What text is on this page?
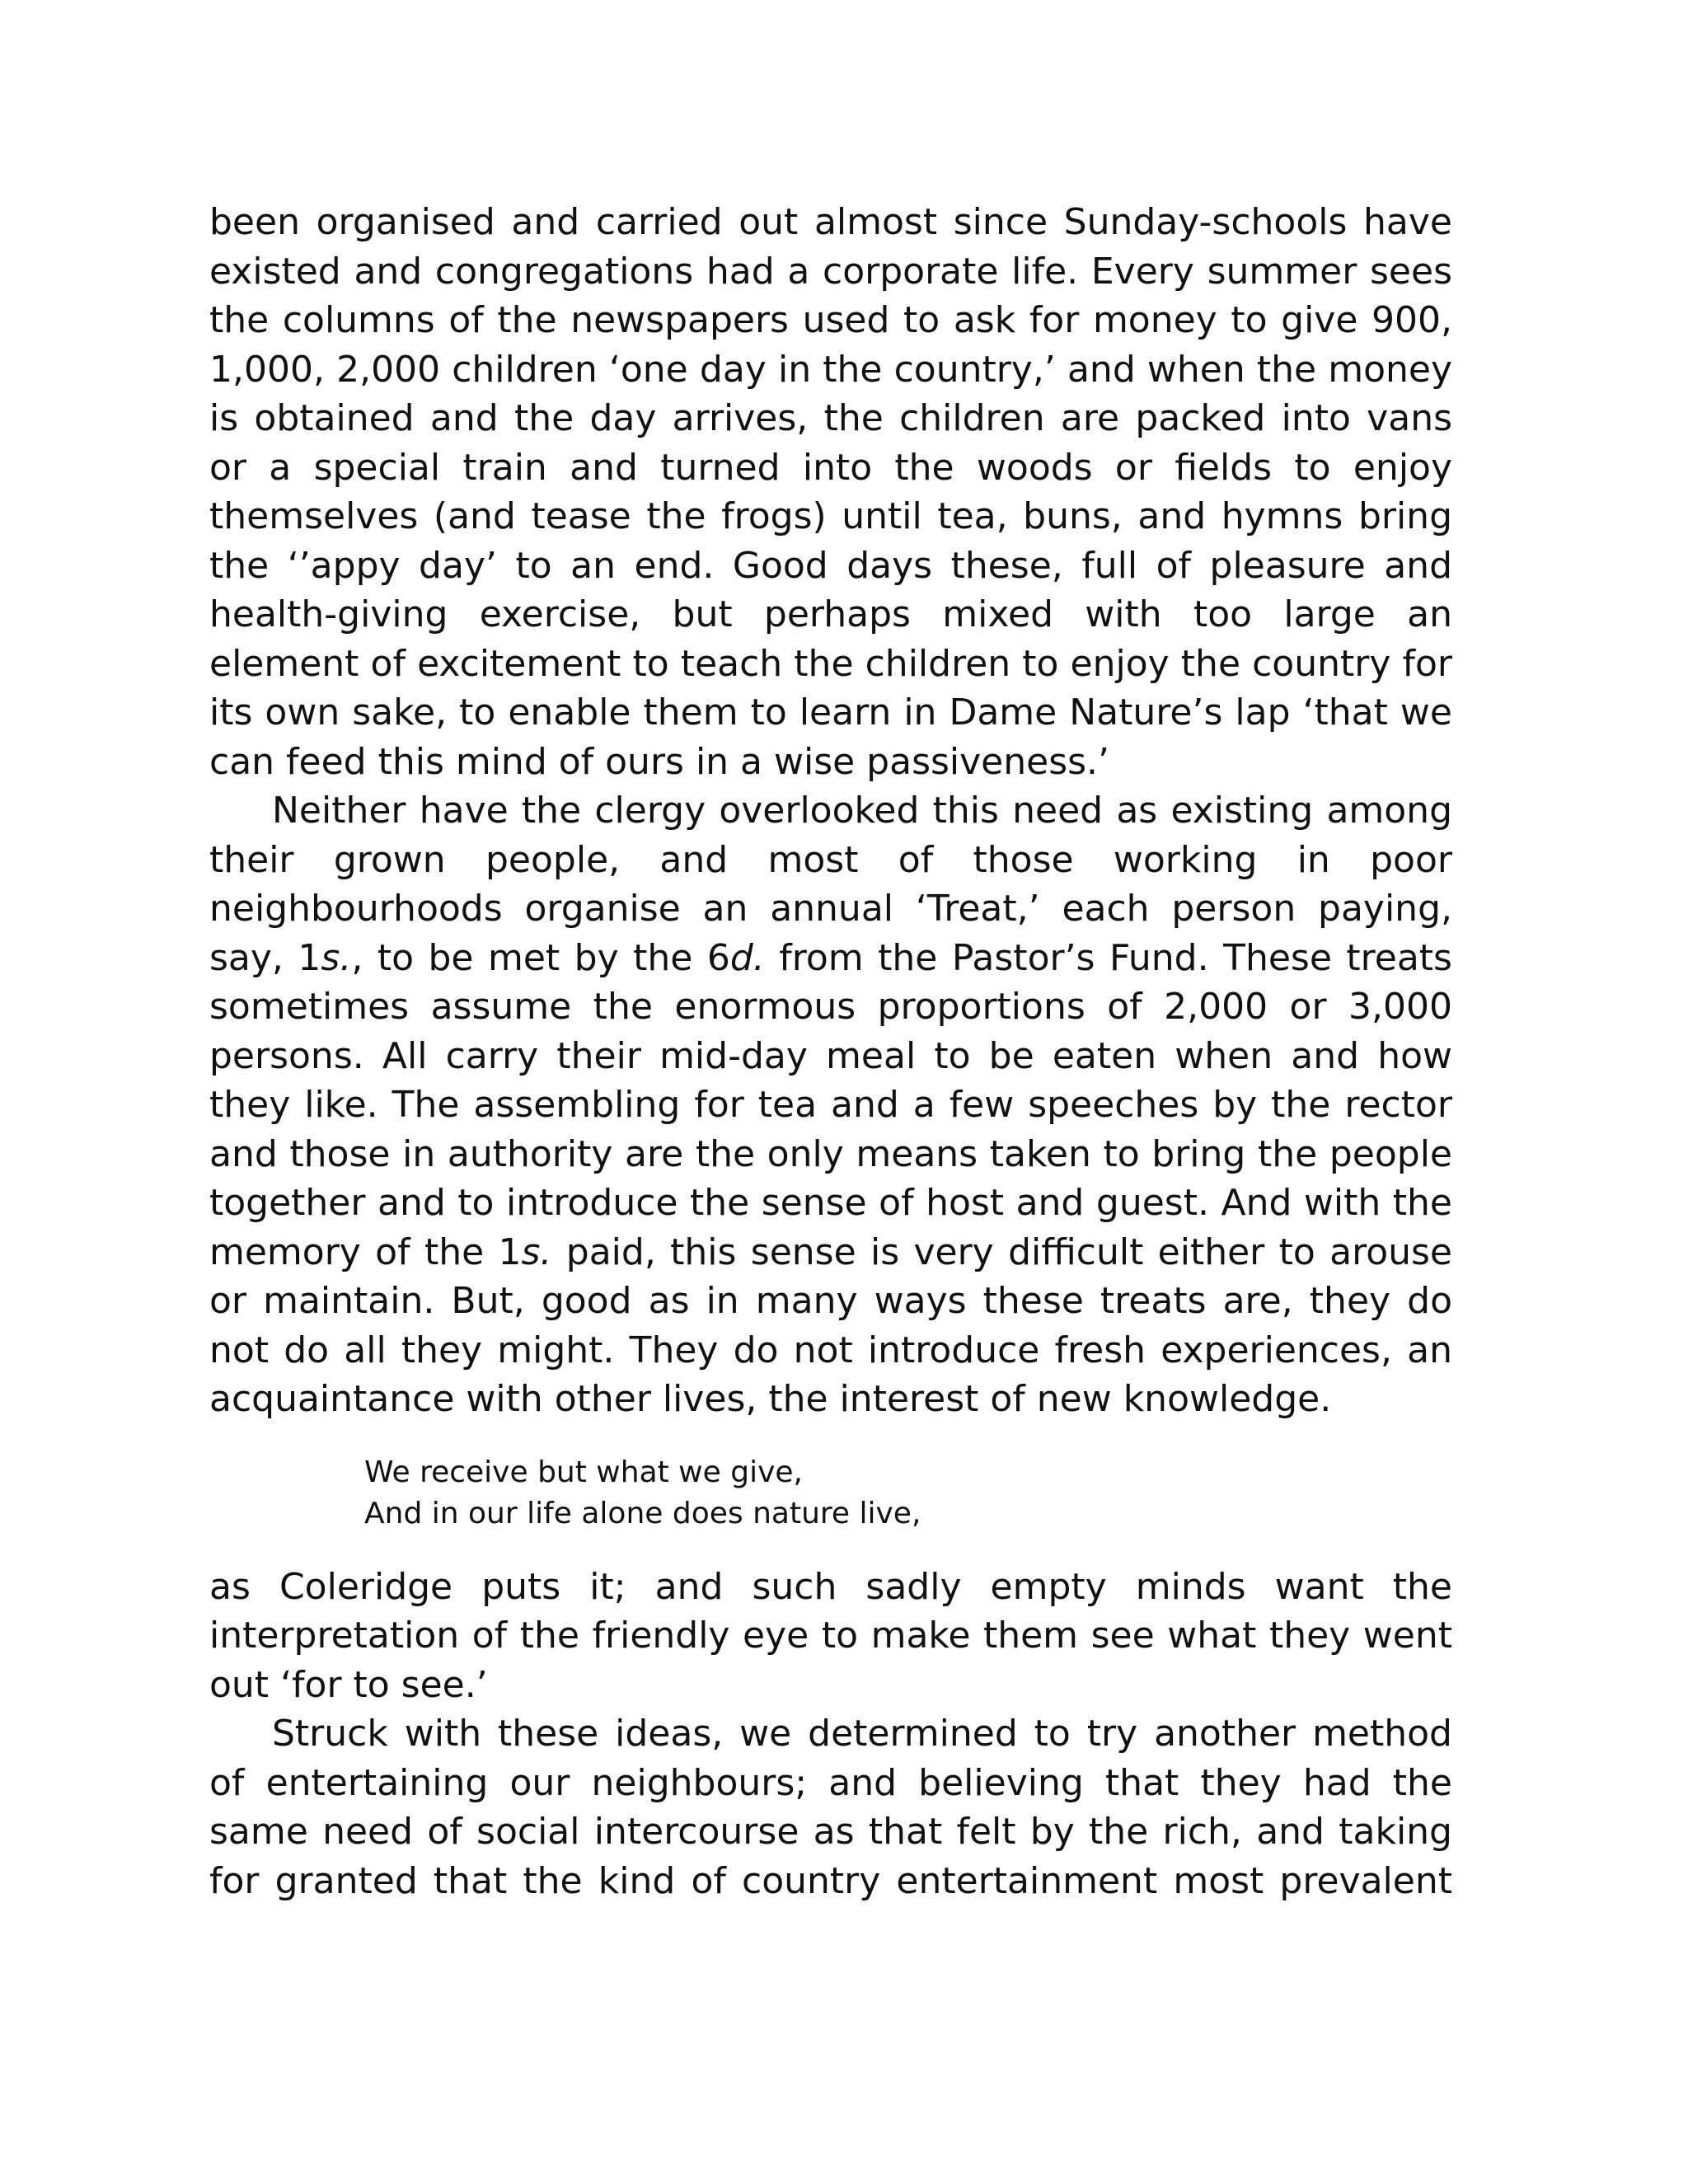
been organised and carried out almost since Sunday-schools have existed and congregations had a corporate life. Every summer sees the columns of the newspapers used to ask for money to give 900, 1,000, 2,000 children ‘one day in the country,’ and when the money is obtained and the day arrives, the children are packed into vans or a special train and turned into the woods or fields to enjoy themselves (and tease the frogs) until tea, buns, and hymns bring the ‘’appy day’ to an end. Good days these, full of pleasure and health-giving exercise, but perhaps mixed with too large an element of excitement to teach the children to enjoy the country for its own sake, to enable them to learn in Dame Nature’s lap ‘that we can feed this mind of ours in a wise passiveness.’

Neither have the clergy overlooked this need as existing among their grown people, and most of those working in poor neighbourhoods organise an annual ‘Treat,’ each person paying, say, 1s., to be met by the 6d. from the Pastor’s Fund. These treats sometimes assume the enormous proportions of 2,000 or 3,000 persons. All carry their mid-day meal to be eaten when and how they like. The assembling for tea and a few speeches by the rector and those in authority are the only means taken to bring the people together and to introduce the sense of host and guest. And with the memory of the 1s. paid, this sense is very difficult either to arouse or maintain. But, good as in many ways these treats are, they do not do all they might. They do not introduce fresh experiences, an acquaintance with other lives, the interest of new knowledge.

We receive but what we give,
And in our life alone does nature live,

as Coleridge puts it; and such sadly empty minds want the interpretation of the friendly eye to make them see what they went out ‘for to see.’

Struck with these ideas, we determined to try another method of entertaining our neighbours; and believing that they had the same need of social intercourse as that felt by the rich, and taking for granted that the kind of country entertainment most prevalent
